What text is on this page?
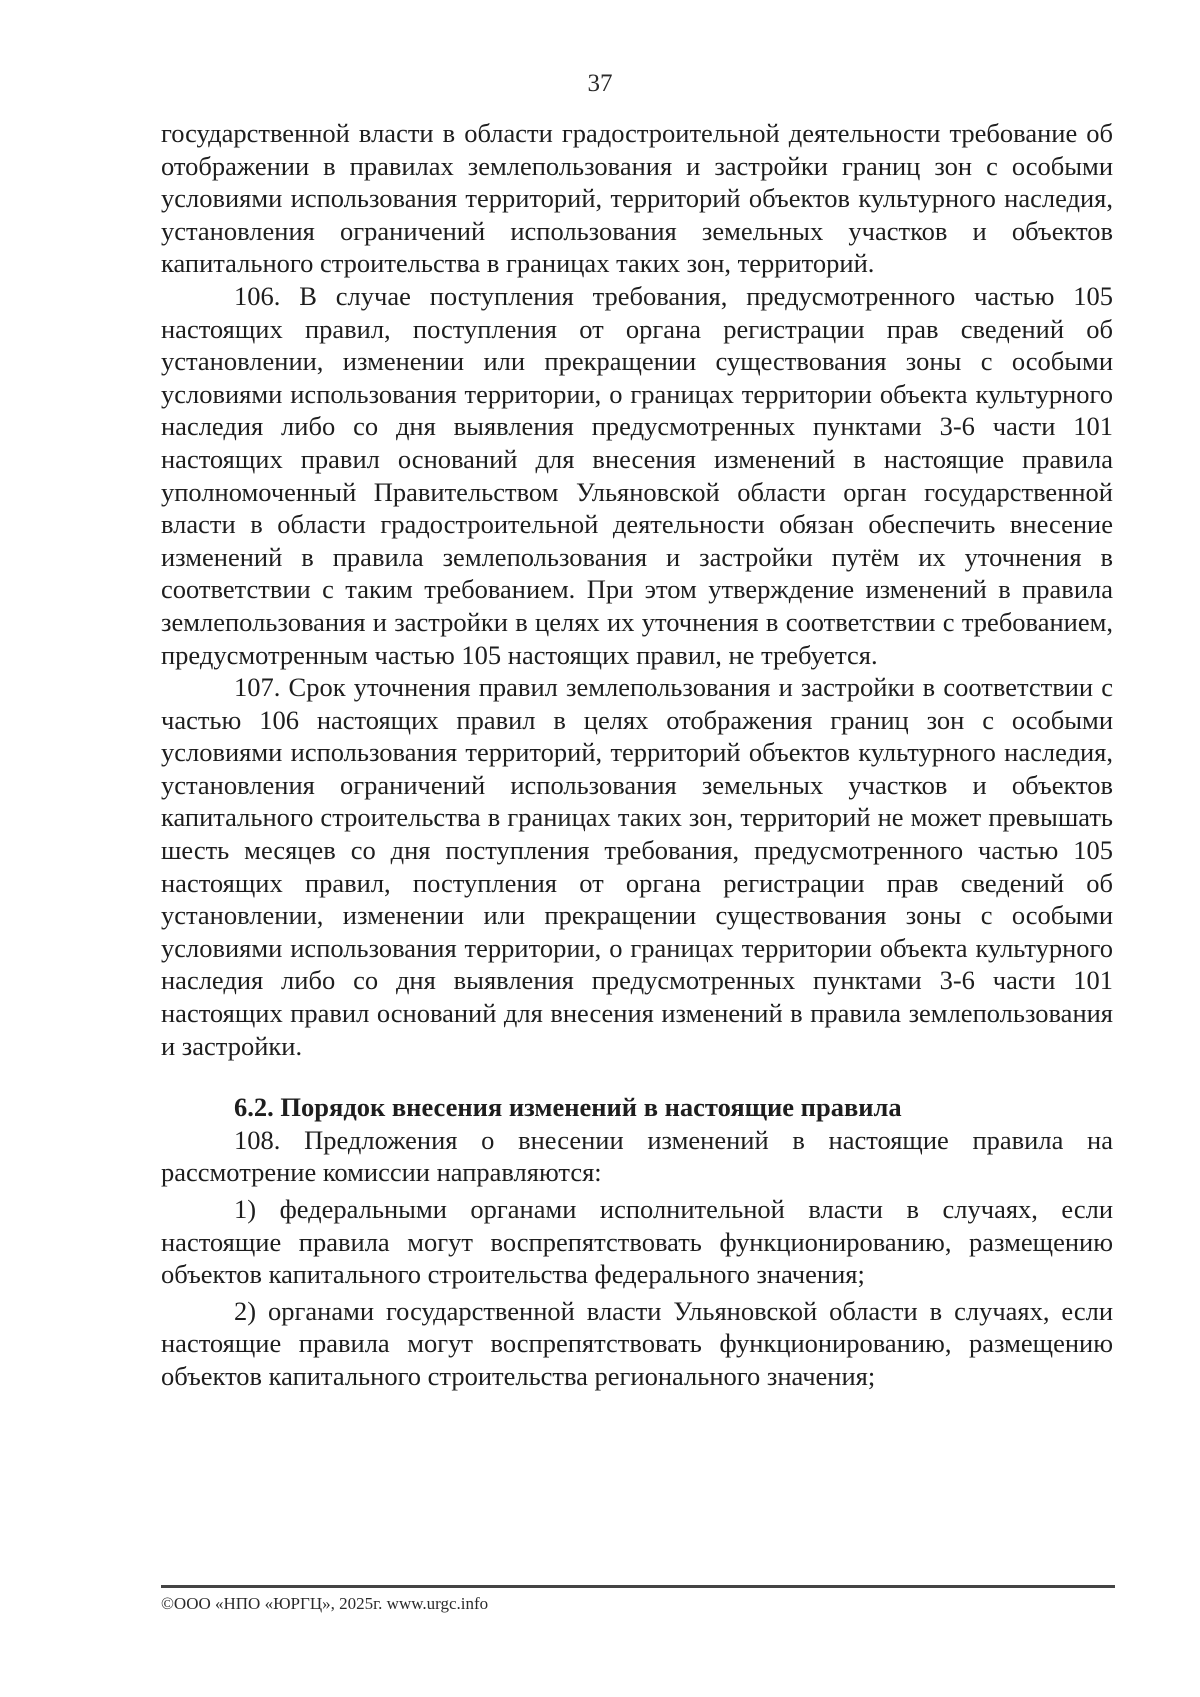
37

государственной власти в области градостроительной деятельности требование об отображении в правилах землепользования и застройки границ зон с особыми условиями использования территорий, территорий объектов культурного наследия, установления ограничений использования земельных участков и объектов капитального строительства в границах таких зон, территорий.

106. В случае поступления требования, предусмотренного частью 105 настоящих правил, поступления от органа регистрации прав сведений об установлении, изменении или прекращении существования зоны с особыми условиями использования территории, о границах территории объекта культурного наследия либо со дня выявления предусмотренных пунктами 3-6 части 101 настоящих правил оснований для внесения изменений в настоящие правила уполномоченный Правительством Ульяновской области орган государственной власти в области градостроительной деятельности обязан обеспечить внесение изменений в правила землепользования и застройки путём их уточнения в соответствии с таким требованием. При этом утверждение изменений в правила землепользования и застройки в целях их уточнения в соответствии с требованием, предусмотренным частью 105 настоящих правил, не требуется.

107. Срок уточнения правил землепользования и застройки в соответствии с частью 106 настоящих правил в целях отображения границ зон с особыми условиями использования территорий, территорий объектов культурного наследия, установления ограничений использования земельных участков и объектов капитального строительства в границах таких зон, территорий не может превышать шесть месяцев со дня поступления требования, предусмотренного частью 105 настоящих правил, поступления от органа регистрации прав сведений об установлении, изменении или прекращении существования зоны с особыми условиями использования территории, о границах территории объекта культурного наследия либо со дня выявления предусмотренных пунктами 3-6 части 101 настоящих правил оснований для внесения изменений в правила землепользования и застройки.

6.2. Порядок внесения изменений в настоящие правила

108. Предложения о внесении изменений в настоящие правила на рассмотрение комиссии направляются:

1) федеральными органами исполнительной власти в случаях, если настоящие правила могут воспрепятствовать функционированию, размещению объектов капитального строительства федерального значения;

2) органами государственной власти Ульяновской области в случаях, если настоящие правила могут воспрепятствовать функционированию, размещению объектов капитального строительства регионального значения;

©ООО «НПО «ЮРГЦ», 2025г. www.urgc.info
